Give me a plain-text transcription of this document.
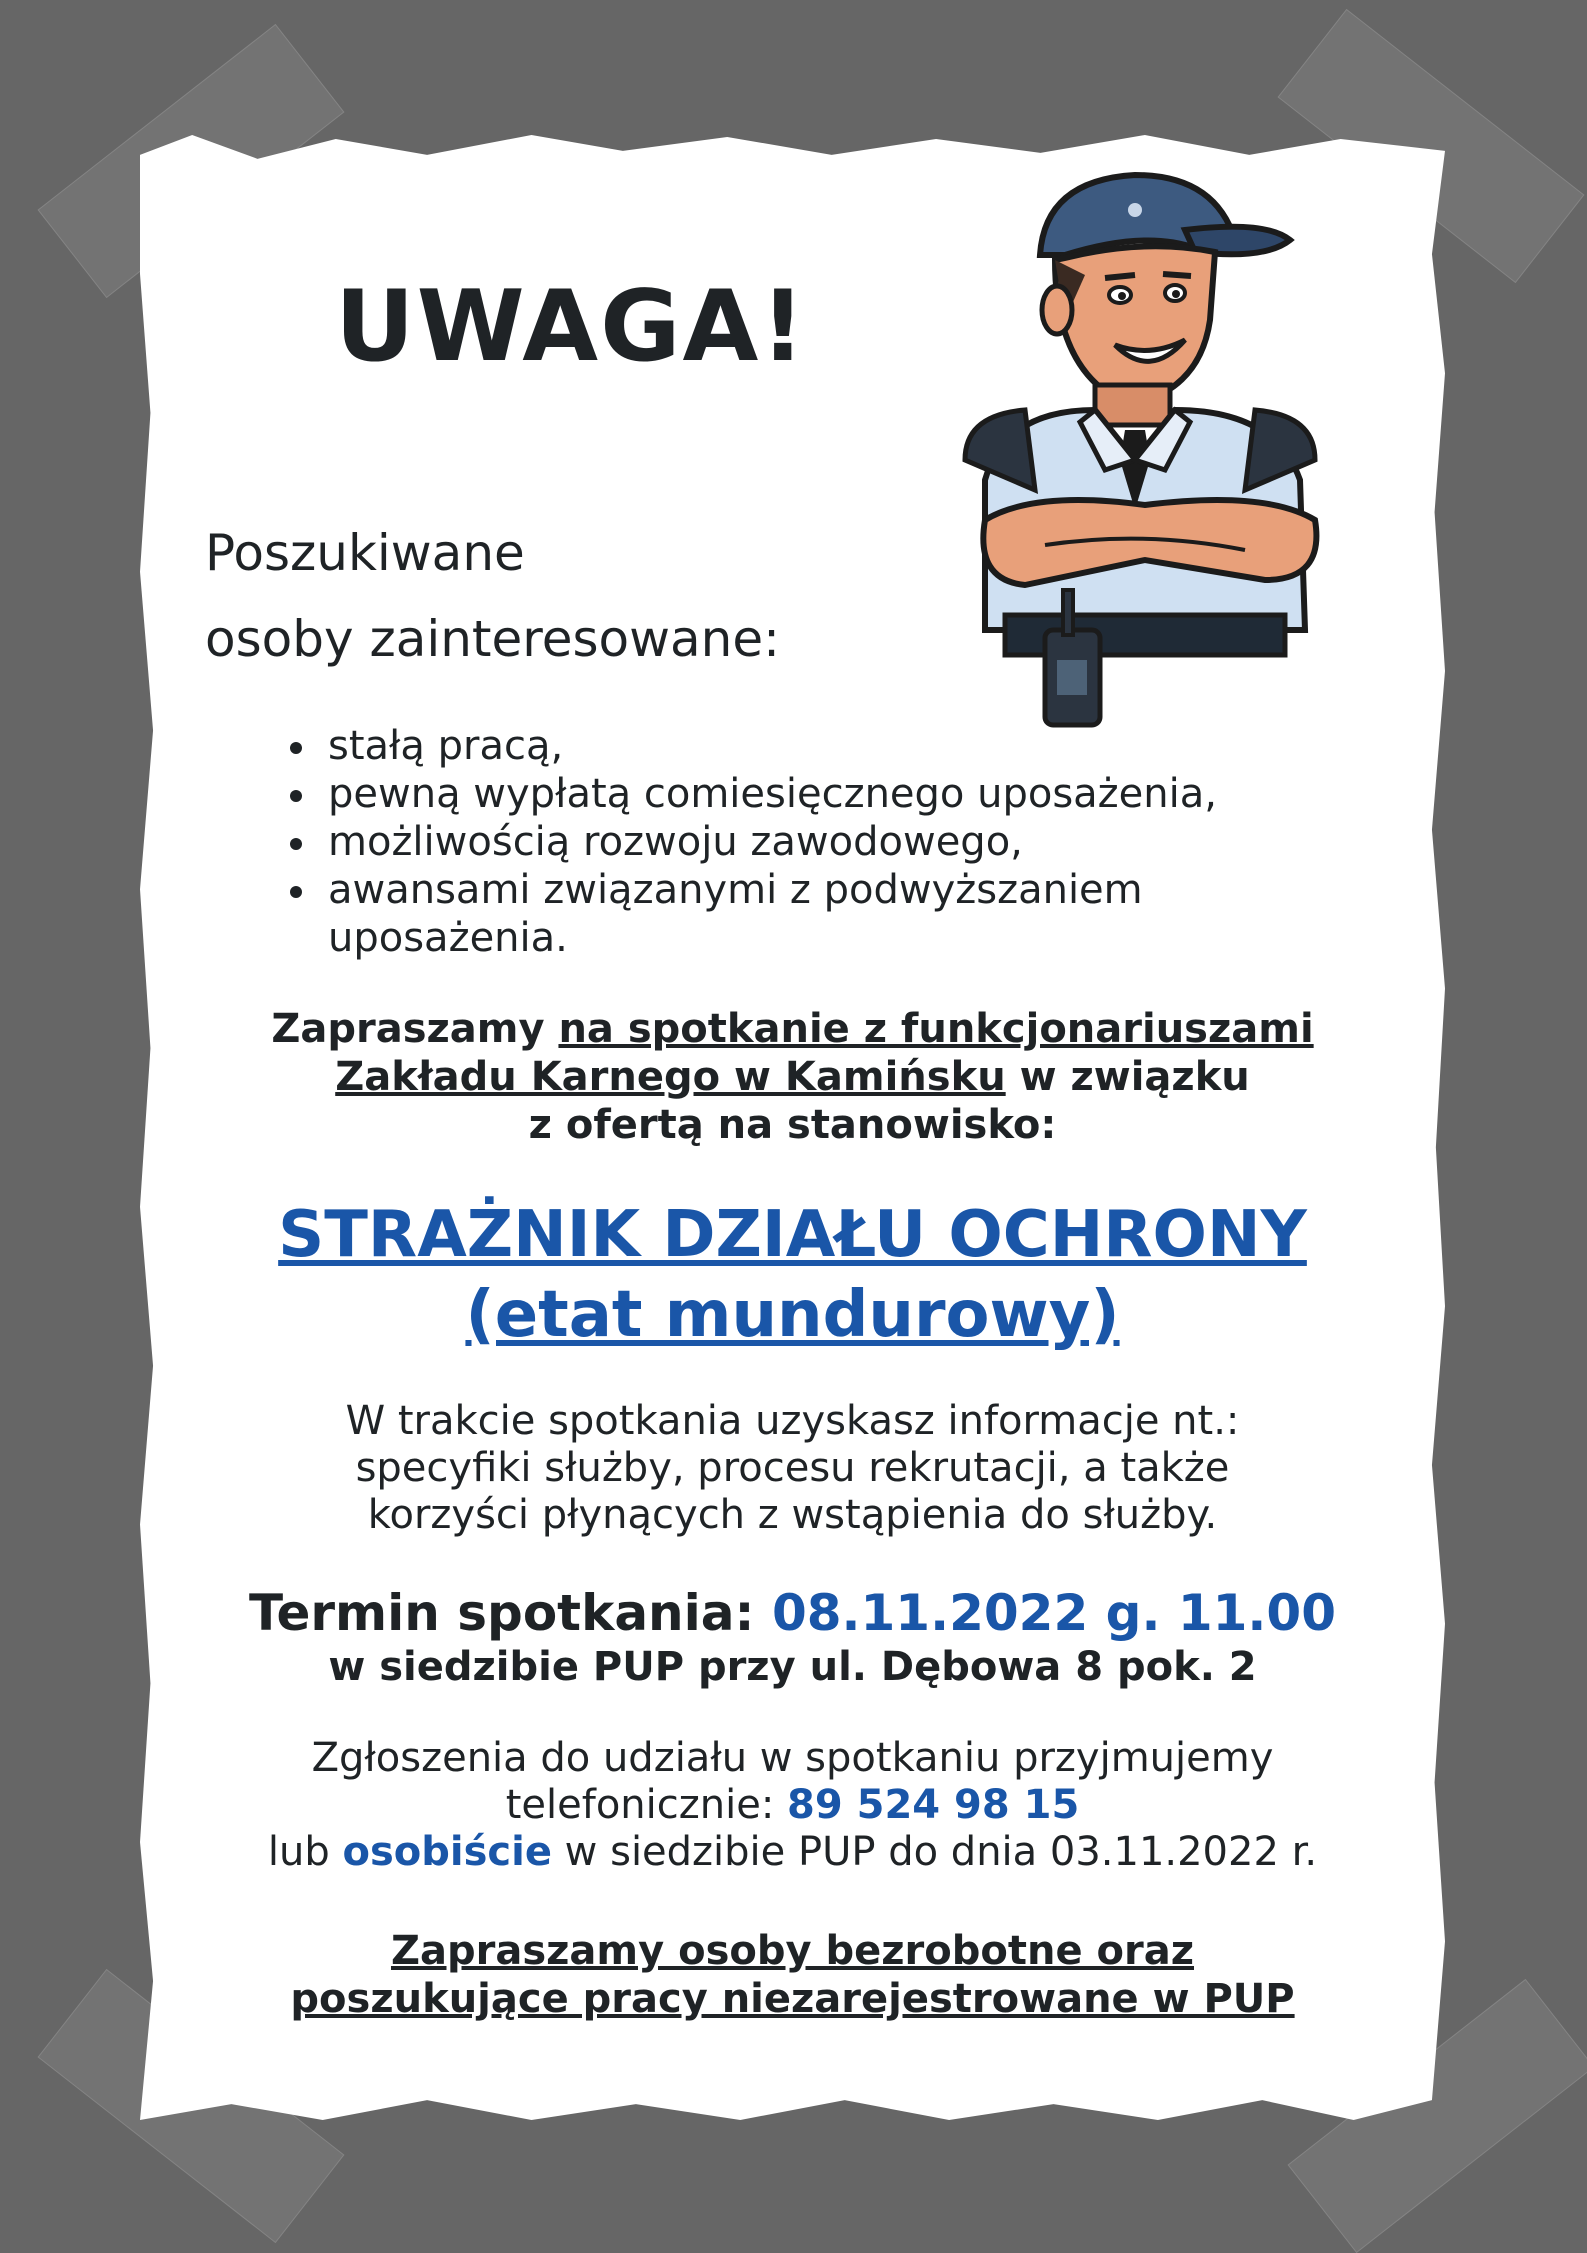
UWAGA!
Poszukiwane
osoby zainteresowane:
stałą pracą,
pewną wypłatą comiesięcznego uposażenia,
możliwością rozwoju zawodowego,
awansami związanymi z podwyższaniem
uposażenia.
Zapraszamy na spotkanie z funkcjonariuszami
Zakładu Karnego w Kamińsku w związku
z ofertą na stanowisko:
STRAŻNIK DZIAŁU OCHRONY
(etat mundurowy)
W trakcie spotkania uzyskasz informacje nt.:
specyfiki służby, procesu rekrutacji, a także
korzyści płynących z wstąpienia do służby.
Termin spotkania: 08.11.2022 g. 11.00
w siedzibie PUP przy ul. Dębowa 8 pok. 2
Zgłoszenia do udziału w spotkaniu przyjmujemy
telefonicznie: 89 524 98 15
lub osobiście w siedzibie PUP do dnia 03.11.2022 r.
Zapraszamy osoby bezrobotne oraz
poszukujące pracy niezarejestrowane w PUP
